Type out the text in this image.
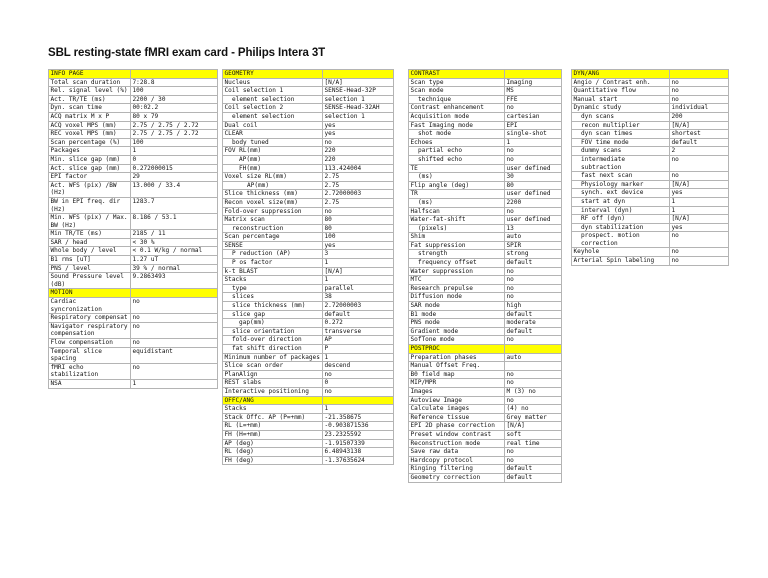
SBL resting-state fMRI exam card - Philips Intera 3T
INFO PAGE	
Total scan duration	7:28.8
Rel. signal level (%)	100
Act. TR/TE (ms)	2200 / 30
Dyn. scan time	00:02.2
ACQ matrix M x P	80 x 79
ACQ voxel MPS (mm)	2.75 / 2.75 / 2.72
REC voxel MPS (mm)	2.75 / 2.75 / 2.72
Scan percentage (%)	100
Packages	1
Min. slice gap (mm)	0
Act. slice gap (mm)	0.272000015
EPI factor	29
Act. WFS (pix) /BW (Hz)	13.000 / 33.4
BW in EPI freq. dir (Hz)	1283.7
Min. WFS (pix) / Max. BW (Hz)	8.186 / 53.1
Min TR/TE (ms)	2185 / 11
SAR / head	< 30 %
Whole body / level	< 0.1 W/kg / normal
B1 rms [uT]	1.27 uT
PNS / level	39 % / normal
Sound Pressure level (dB)	9.2863493
MOTION	
Cardiac syncronization	no
Respiratory compensat	no
Navigator respiratory compensation	no
Flow compensation	no
Temporal slice spacing	equidistant
fMRI echo stabilization	no
NSA	1
GEOMETRY	
Nucleus	[N/A]
Coil selection 1	SENSE-Head-32P
element selection	selection 1
Coil selection 2	SENSE-Head-32AH
element selection	selection 1
Dual coil	yes
CLEAR	yes
body tuned	no
FOV RL(mm)	220
AP(mm)	220
FH(mm)	113.424004
Voxel size RL(mm)	2.75
AP(mm)	2.75
Slice thickness (mm)	2.72000003
Recon voxel size(mm)	2.75
Fold-over suppression	no
Matrix scan	80
reconstruction	80
Scan percentage	100
SENSE	yes
P reduction (AP)	3
P os factor	1
k-t BLAST	[N/A]
Stacks	1
type	parallel
slices	38
slice thickness (mm)	2.72000003
slice gap	default
gap(mm)	0.272
slice orientation	transverse
fold-over direction	AP
fat shift direction	P
Minimum number of packages	1
Slice scan order	descend
PlanAlign	no
REST slabs	0
Interactive positioning	no
OFFC/ANG	
Stacks	1
Stack Offc. AP (P=+mm)	-21.358675
RL (L=+mm)	-0.903871536
FH (H=+mm)	23.2325592
AP (deg)	-1.91507339
RL (deg)	6.48943138
FH (deg)	-1.37635624
CONTRAST	
Scan type	Imaging
Scan mode	MS
technique	FFE
Contrast enhancement	no
Acquisition mode	cartesian
Fast Imaging mode	EPI
shot mode	single-shot
Echoes	1
partial echo	no
shifted echo	no
TE	user defined
(ms)	30
Flip angle (deg)	80
TR	user defined
(ms)	2200
Halfscan	no
Water-fat-shift	user defined
(pixels)	13
Shim	auto
Fat suppression	SPIR
strength	strong
frequency offset	default
Water suppression	no
MTC	no
Research prepulse	no
Diffusion mode	no
SAR mode	high
B1 mode	default
PNS mode	moderate
Gradient mode	default
SofTone mode	no
POSTPROC	
Preparation phases	auto
Manual Offset Freq.	
B0 field map	no
MIP/MPR	no
Images	M (3) no
Autoview Image	no
Calculate images	(4) no
Reference tissue	Grey matter
EPI 2D phase correction	[N/A]
Preset window contrast	soft
Reconstruction mode	real time
Save raw data	no
Hardcopy protocol	no
Ringing filtering	default
Geometry correction	default
DYN/ANG	
Angio / Contrast enh.	no
Quantitative flow	no
Manual start	no
Dynamic study	individual
dyn scans	200
recon multiplier	[N/A]
dyn scan times	shortest
FOV time mode	default
dummy scans	2
intermediate subtraction	no
fast next scan	no
Physiology marker	[N/A]
synch. ext device	yes
start at dyn	1
interval (dyn)	1
RF off (dyn)	[N/A]
dyn stabilization	yes
prospect. motion correction	no
Keyhole	no
Arterial Spin labeling	no
